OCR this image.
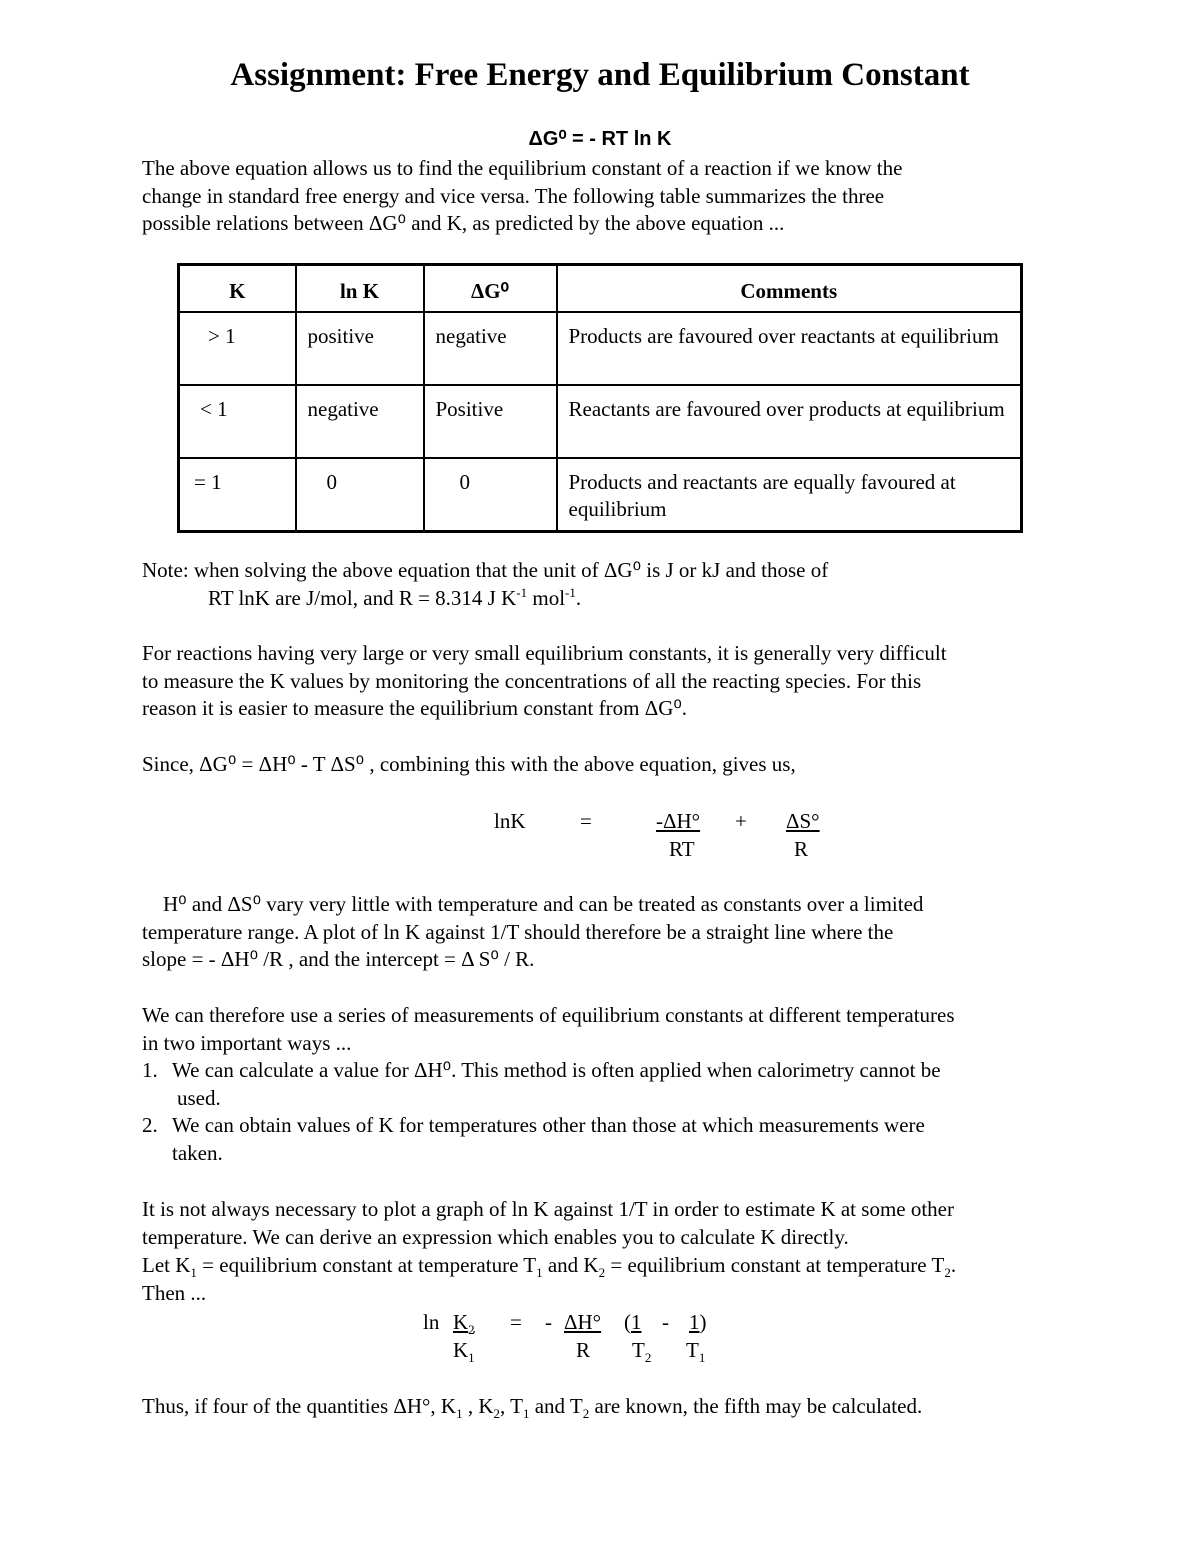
Assignment: Free Energy and Equilibrium Constant
ΔG⁰ = - RT ln K
The above equation allows us to find the equilibrium constant of a reaction if we know the
change in standard free energy and vice versa. The following table summarizes the three
possible relations between ΔG⁰ and K, as predicted by the above equation ...
K	ln K	ΔG⁰	Comments
> 1	positive	negative	Products are favoured over reactants at equilibrium
< 1	negative	Positive	Reactants are favoured over products at equilibrium
= 1	0	0	Products and reactants are equally favoured at equilibrium
Note: when solving the above equation that the unit of ΔG⁰ is J or kJ and those of
RT lnK are J/mol, and R = 8.314 J $K^{-1}$ mol$^{-1}$.
For reactions having very large or very small equilibrium constants, it is generally very difficult
to measure the K values by monitoring the concentrations of all the reacting species. For this
reason it is easier to measure the equilibrium constant from ΔG⁰.
Since, ΔG⁰ = ΔH⁰ - T ΔS⁰ , combining this with the above equation, gives us,
lnK	=	-ΔH° + ΔS°
RT	R
H⁰ and ΔS⁰ vary very little with temperature and can be treated as constants over a limited
temperature range. A plot of ln K against 1/T should therefore be a straight line where the
slope = - ΔH⁰ /R , and the intercept = Δ S⁰ / R.
We can therefore use a series of measurements of equilibrium constants at different temperatures
in two important ways ...
1. We can calculate a value for ΔH⁰. This method is often applied when calorimetry cannot be
used.
2. We can obtain values of K for temperatures other than those at which measurements were
taken.
It is not always necessary to plot a graph of ln K against 1/T in order to estimate K at some other
temperature. We can derive an expression which enables you to calculate K directly.
Let $K_1$ = equilibrium constant at temperature $T_1$ and $K_2$ = equilibrium constant at temperature $T_2$.
Then ...
$\ln K_2$
$K_1$
= - ΔH°
R
(1
$T_2$
- 1)
$T_1$
Thus, if four of the quantities ΔH°, $K_1$ , $K_2$, $T_1$ and $T_2$ are known, the fifth may be calculated.
